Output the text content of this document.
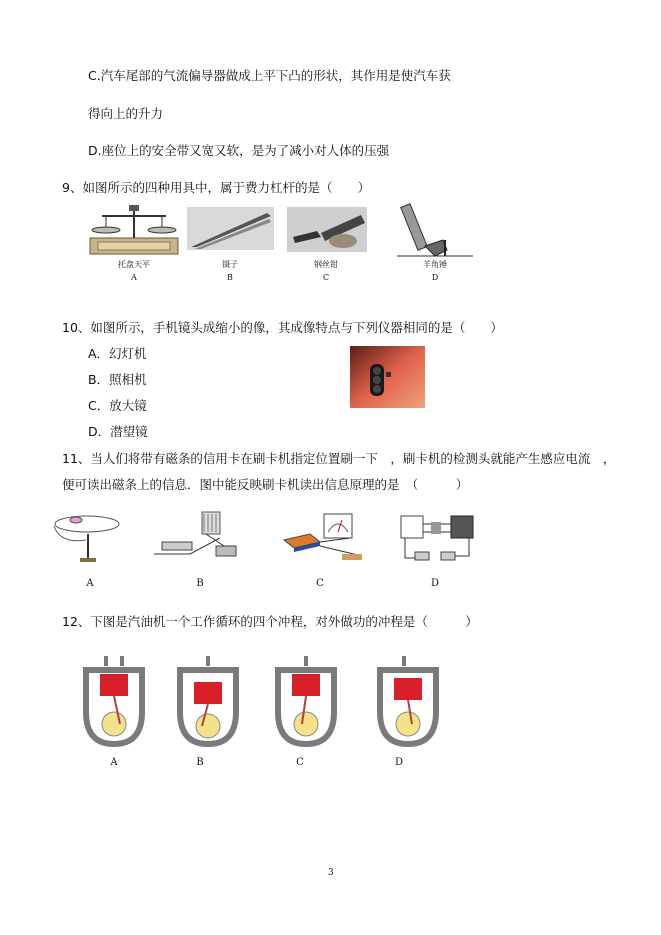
C.汽车尾部的气流偏导器做成上平下凸的形状，其作用是使汽车获
得向上的升力
D.座位上的安全带又宽又软，是为了减小对人体的压强
9、如图所示的四种用具中，属于费力杠杆的是（　　）
托盘天平
A
镊子
B
钢丝钳
C
羊角锤
D
10、如图所示，手机镜头成缩小的像，其成像特点与下列仪器相同的是（　　）
A．幻灯机
B．照相机
C．放大镜
D．潜望镜
11、当人们将带有磁条的信用卡在刷卡机指定位置刷一下　，刷卡机的检测头就能产生感应电流　，
便可读出磁条上的信息．图中能反映刷卡机读出信息原理的是　（　　　）
A	B	C	D
12、下图是汽油机一个工作循环的四个冲程，对外做功的冲程是（　　　）
A	B	C	D
3
